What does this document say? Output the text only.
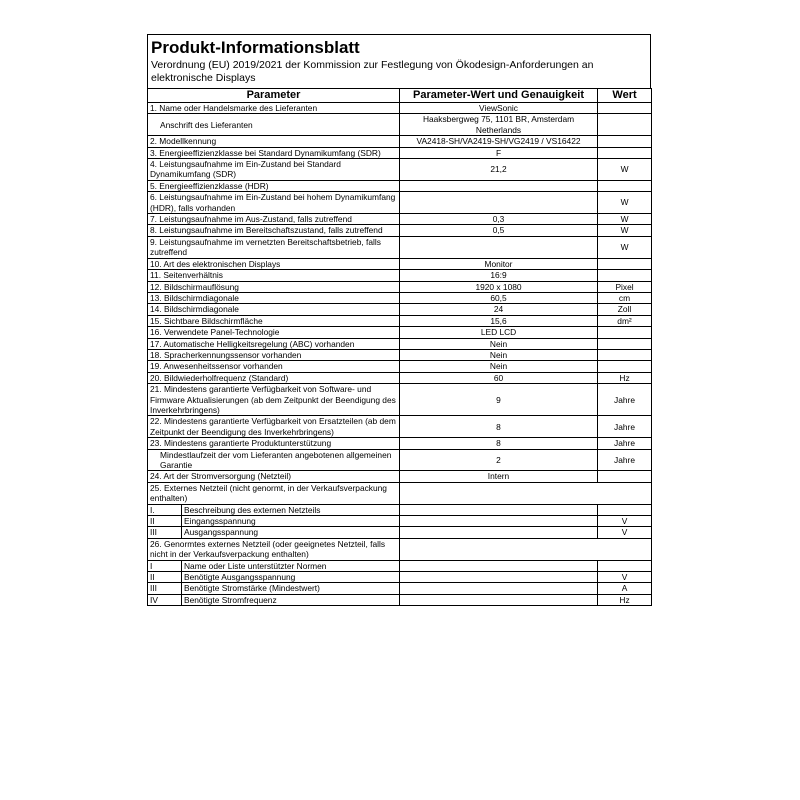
Produkt-Informationsblatt
Verordnung (EU) 2019/2021 der Kommission zur Festlegung von Ökodesign-Anforderungen an elektronische Displays
Parameter		Parameter-Wert und Genauigkeit	Wert
1. Name oder Handelsmarke des Lieferanten		ViewSonic	
Anschrift des Lieferanten		Haaksbergweg 75, 1101 BR, Amsterdam Netherlands	
2. Modellkennung		VA2418-SH/VA2419-SH/VG2419 / VS16422	
3. Energieeffizienzklasse bei Standard Dynamikumfang (SDR)		F	
4. Leistungsaufnahme im Ein-Zustand bei Standard Dynamikumfang (SDR)		21,2	W
5. Energieeffizienzklasse (HDR)			
6. Leistungsaufnahme im Ein-Zustand bei hohem Dynamikumfang (HDR), falls vorhanden			W
7. Leistungsaufnahme im Aus-Zustand, falls zutreffend		0,3	W
8. Leistungsaufnahme im Bereitschaftszustand, falls zutreffend		0,5	W
9. Leistungsaufnahme im vernetzten Bereitschaftsbetrieb, falls zutreffend			W
10. Art des elektronischen Displays		Monitor	
11. Seitenverhältnis		16:9	
12. Bildschirmauflösung		1920 x 1080	Pixel
13. Bildschirmdiagonale		60,5	cm
14. Bildschirmdiagonale		24	Zoll
15. Sichtbare Bildschirmfläche		15,6	dm²
16. Verwendete Panel-Technologie		LED LCD	
17. Automatische Helligkeitsregelung (ABC) vorhanden		Nein	
18. Spracherkennungssensor vorhanden		Nein	
19. Anwesenheitssensor vorhanden		Nein	
20. Bildwiederholfrequenz (Standard)		60	Hz
21. Mindestens garantierte Verfügbarkeit von Software- und Firmware Aktualisierungen (ab dem Zeitpunkt der Beendigung des Inverkehrbringens)		9	Jahre
22. Mindestens garantierte Verfügbarkeit von Ersatzteilen (ab dem Zeitpunkt der Beendigung des Inverkehrbringens)		8	Jahre
23. Mindestens garantierte Produktunterstützung		8	Jahre
Mindestlaufzeit der vom Lieferanten angebotenen allgemeinen Garantie		2	Jahre
24. Art der Stromversorgung (Netzteil)		Intern	
25. Externes Netzteil (nicht genormt, in der Verkaufsverpackung enthalten)			
I.	Beschreibung des externen Netzteils		
II	Eingangsspannung		V
III	Ausgangsspannung		V
26. Genormtes externes Netzteil (oder geeignetes Netzteil, falls nicht in der Verkaufsverpackung enthalten)			
I	Name oder Liste unterstützter Normen		
II	Benötigte Ausgangsspannung		V
III	Benötigte Stromstärke (Mindestwert)		A
IV	Benötigte Stromfrequenz		Hz
